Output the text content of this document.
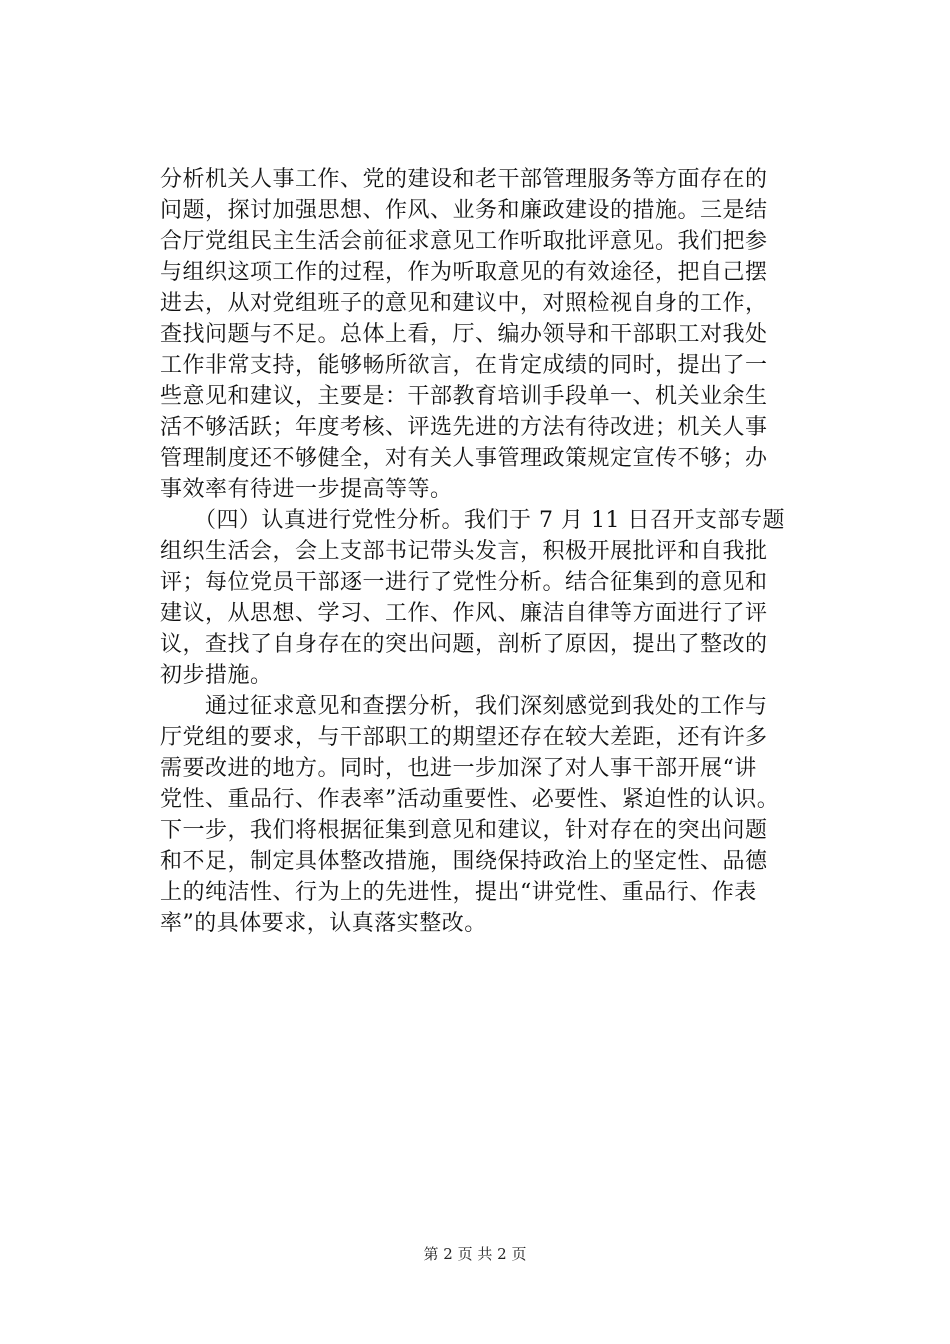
分析机关人事工作、党的建设和老干部管理服务等方面存在的
问题，探讨加强思想、作风、业务和廉政建设的措施。三是结
合厅党组民主生活会前征求意见工作听取批评意见。我们把参
与组织这项工作的过程，作为听取意见的有效途径，把自己摆
进去，从对党组班子的意见和建议中，对照检视自身的工作，
查找问题与不足。总体上看，厅、编办领导和干部职工对我处
工作非常支持，能够畅所欲言，在肯定成绩的同时，提出了一
些意见和建议，主要是：干部教育培训手段单一、机关业余生
活不够活跃；年度考核、评选先进的方法有待改进；机关人事
管理制度还不够健全，对有关人事管理政策规定宣传不够；办
事效率有待进一步提高等等。
　　（四）认真进行党性分析。我们于 7 月 11 日召开支部专题
组织生活会，会上支部书记带头发言，积极开展批评和自我批
评；每位党员干部逐一进行了党性分析。结合征集到的意见和
建议，从思想、学习、工作、作风、廉洁自律等方面进行了评
议，查找了自身存在的突出问题，剖析了原因，提出了整改的
初步措施。
　　通过征求意见和查摆分析，我们深刻感觉到我处的工作与
厅党组的要求，与干部职工的期望还存在较大差距，还有许多
需要改进的地方。同时，也进一步加深了对人事干部开展“讲
党性、重品行、作表率”活动重要性、必要性、紧迫性的认识。
下一步，我们将根据征集到意见和建议，针对存在的突出问题
和不足，制定具体整改措施，围绕保持政治上的坚定性、品德
上的纯洁性、行为上的先进性，提出“讲党性、重品行、作表
率”的具体要求，认真落实整改。
第 2 页 共 2 页
